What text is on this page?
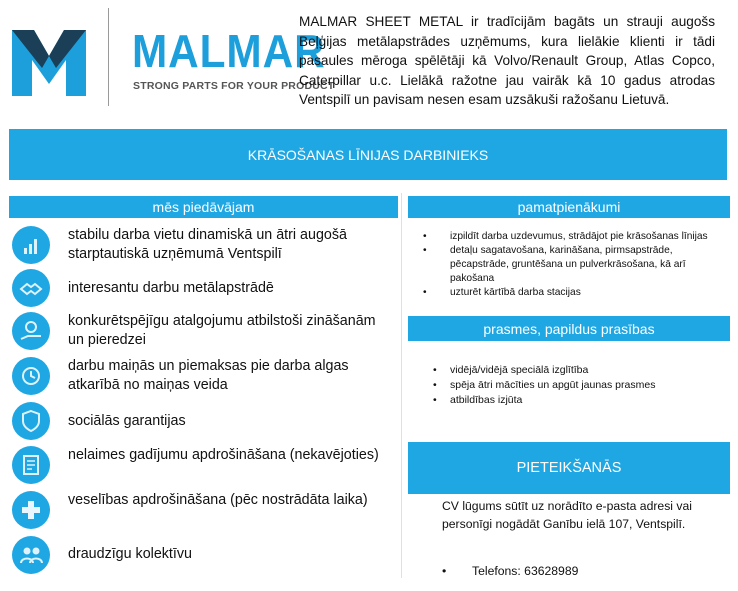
MALMAR
STRONG PARTS FOR YOUR PRODUCT
MALMAR SHEET METAL ir tradīcijām bagāts un strauji augošs Beļģijas metālapstrādes uzņēmums, kura lielākie klienti ir tādi pasaules mēroga spēlētāji kā Volvo/Renault Group, Atlas Copco, Caterpillar u.c. Lielākā ražotne jau vairāk kā 10 gadus atrodas Ventspilī un pavisam nesen esam uzsākuši ražošanu Lietuvā.
KRĀSOŠANAS LĪNIJAS DARBINIEKS
mēs piedāvājam
stabilu darba vietu dinamiskā un ātri augošā starptautiskā uzņēmumā Ventspilī
interesantu darbu metālapstrādē
konkurētspējīgu atalgojumu atbilstoši zināšanām un pieredzei
darbu maiņās un piemaksas pie darba algas atkarībā no maiņas veida
sociālās garantijas
nelaimes gadījumu apdrošināšana (nekavējoties)
veselības apdrošināšana (pēc nostrādāta laika)
draudzīgu kolektīvu
pamatpienākumi
• izpildīt darba uzdevumus, strādājot pie krāsošanas līnijas
• detaļu sagatavošana, karināšana, pirmsapstrāde, pēcapstrāde, gruntēšana un pulverkrāsošana, kā arī pakošana
• uzturēt kārtībā darba stacijas
prasmes, papildus prasības
• vidējā/vidējā speciālā izglītība
• spēja ātri mācīties un apgūt jaunas prasmes
• atbildības izjūta
PIETEIKŠANĀS
CV lūgums sūtīt uz norādīto e-pasta adresi vai personīgi nogādāt Ganību ielā 107, Ventspilī.
• Telefons: 63628989
